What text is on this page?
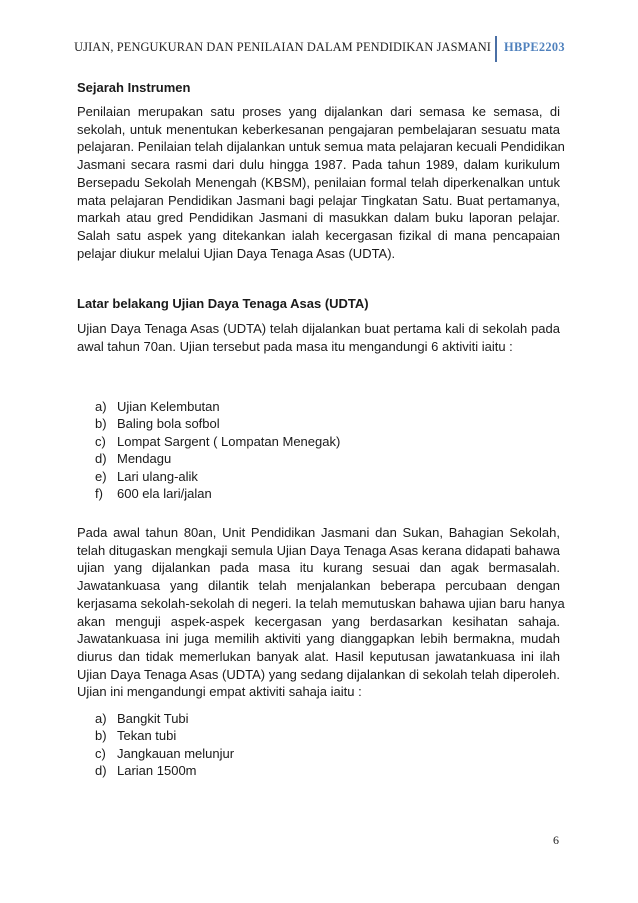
UJIAN, PENGUKURAN DAN PENILAIAN DALAM PENDIDIKAN JASMANI HBPE2203
Sejarah Instrumen
Penilaian merupakan satu proses yang dijalankan dari semasa ke semasa, di
sekolah, untuk menentukan keberkesanan pengajaran pembelajaran sesuatu mata
pelajaran. Penilaian telah dijalankan untuk semua mata pelajaran kecuali Pendidikan
Jasmani secara rasmi dari dulu hingga 1987. Pada tahun 1989, dalam kurikulum
Bersepadu Sekolah Menengah (KBSM), penilaian formal telah diperkenalkan untuk
mata pelajaran Pendidikan Jasmani bagi pelajar Tingkatan Satu. Buat pertamanya,
markah atau gred Pendidikan Jasmani di masukkan dalam buku laporan pelajar.
Salah satu aspek yang ditekankan ialah kecergasan fizikal di mana pencapaian
pelajar diukur melalui Ujian Daya Tenaga Asas (UDTA).
Latar belakang Ujian Daya Tenaga Asas (UDTA)
Ujian Daya Tenaga Asas (UDTA) telah dijalankan buat pertama kali di sekolah pada
awal tahun 70an. Ujian tersebut pada masa itu mengandungi 6 aktiviti iaitu :
a) Ujian Kelembutan
b) Baling bola sofbol
c) Lompat Sargent ( Lompatan Menegak)
d) Mendagu
e) Lari ulang-alik
f)	600 ela lari/jalan
Pada awal tahun 80an, Unit Pendidikan Jasmani dan Sukan, Bahagian Sekolah,
telah ditugaskan mengkaji semula Ujian Daya Tenaga Asas kerana didapati bahawa
ujian yang dijalankan pada masa itu kurang sesuai dan agak bermasalah.
Jawatankuasa yang dilantik telah menjalankan beberapa percubaan dengan
kerjasama sekolah-sekolah di negeri. Ia telah memutuskan bahawa ujian baru hanya
akan menguji aspek-aspek kecergasan yang berdasarkan kesihatan sahaja.
Jawatankuasa ini juga memilih aktiviti yang dianggapkan lebih bermakna, mudah
diurus dan tidak memerlukan banyak alat. Hasil keputusan jawatankuasa ini ilah
Ujian Daya Tenaga Asas (UDTA) yang sedang dijalankan di sekolah telah diperoleh.
Ujian ini mengandungi empat aktiviti sahaja iaitu :
a) Bangkit Tubi
b) Tekan tubi
c) Jangkauan melunjur
d) Larian 1500m
6
